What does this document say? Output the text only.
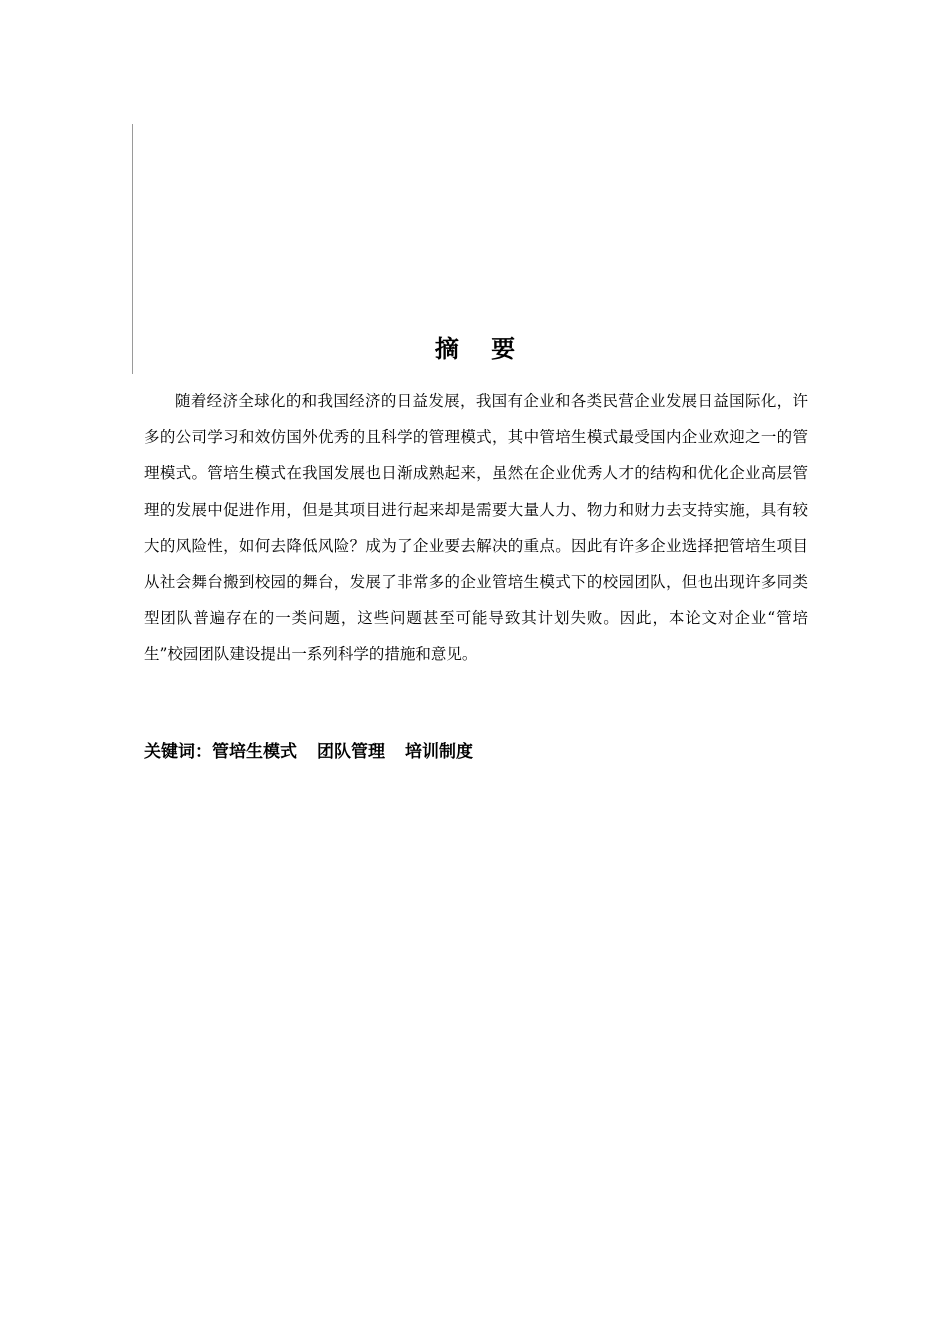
摘 要

随着经济全球化的和我国经济的日益发展，我国有企业和各类民营企业发展日益国际化，许多的公司学习和效仿国外优秀的且科学的管理模式，其中管培生模式最受国内企业欢迎之一的管理模式。管培生模式在我国发展也日渐成熟起来，虽然在企业优秀人才的结构和优化企业高层管理的发展中促进作用，但是其项目进行起来却是需要大量人力、物力和财力去支持实施，具有较大的风险性，如何去降低风险？成为了企业要去解决的重点。因此有许多企业选择把管培生项目从社会舞台搬到校园的舞台，发展了非常多的企业管培生模式下的校园团队，但也出现许多同类型团队普遍存在的一类问题，这些问题甚至可能导致其计划失败。因此，本论文对企业“管培生”校园团队建设提出一系列科学的措施和意见。

关键词：管培生模式 团队管理 培训制度
